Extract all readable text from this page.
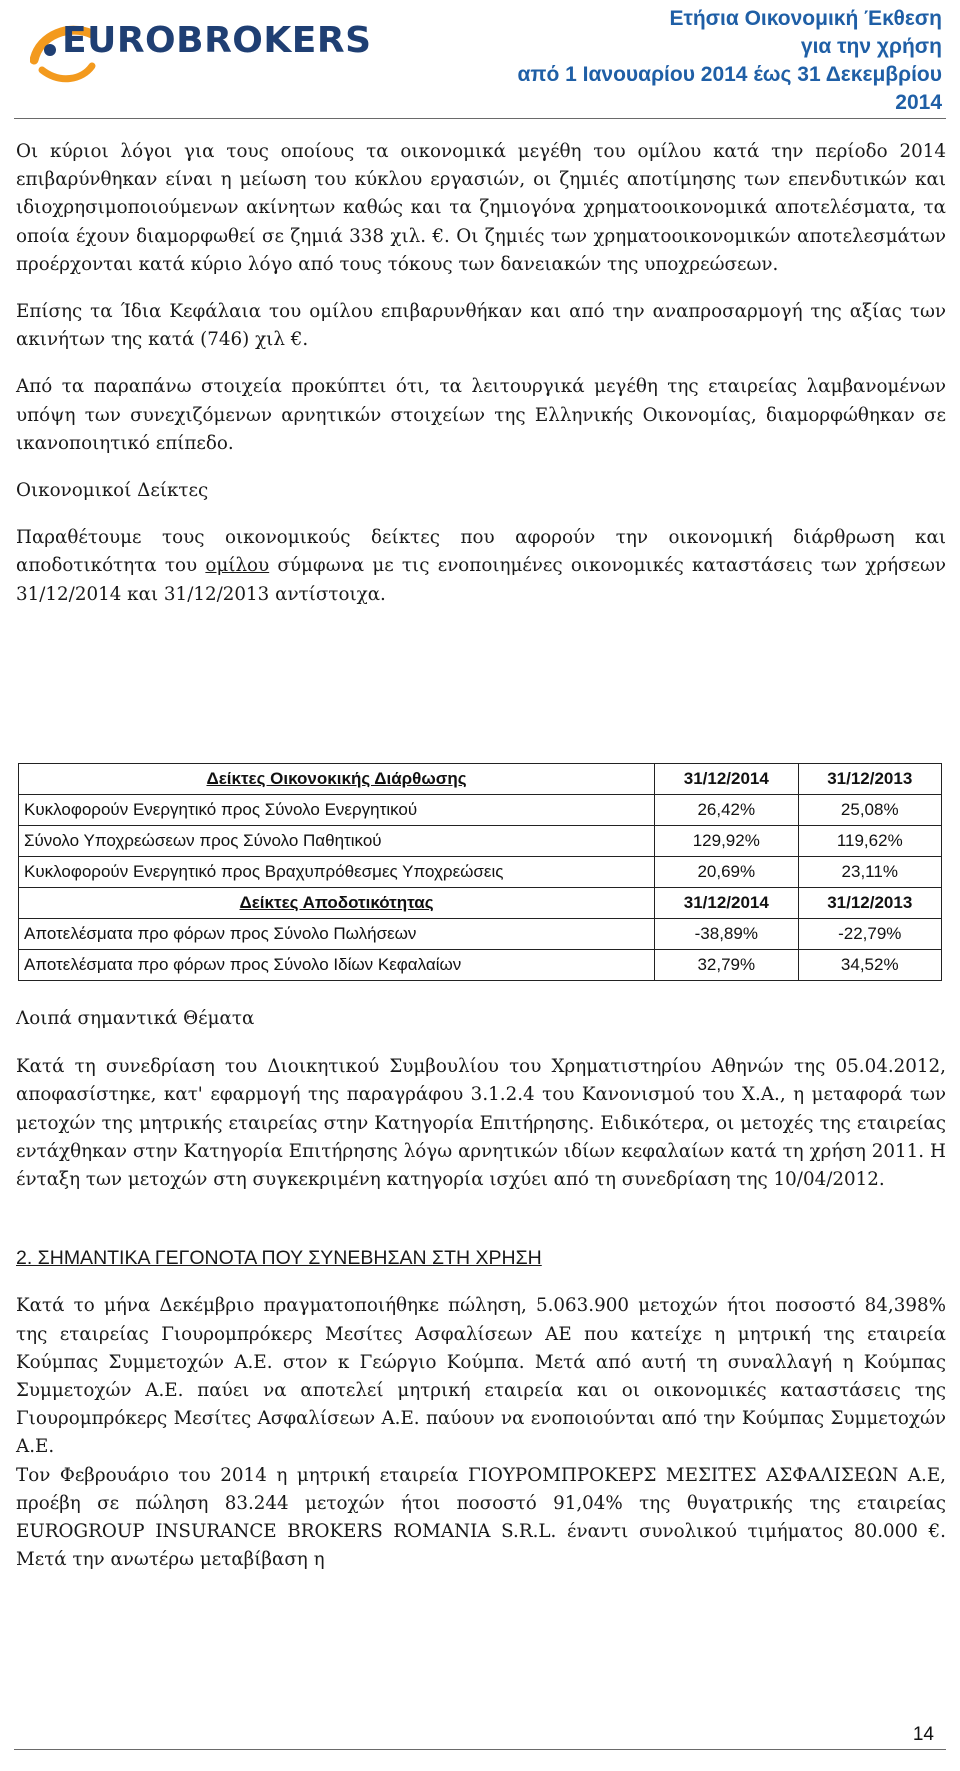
EUROBROKERS
Ετήσια Οικονομική Έκθεση
για την χρήση
από 1 Ιανουαρίου 2014 έως 31 Δεκεμβρίου
2014

Οι κύριοι λόγοι για τους οποίους τα οικονομικά μεγέθη του ομίλου κατά την περίοδο 2014 επιβαρύνθηκαν είναι η μείωση του κύκλου εργασιών, οι ζημιές αποτίμησης των επενδυτικών και ιδιοχρησιμοποιούμενων ακίνητων καθώς και τα ζημιογόνα χρηματοοικονομικά αποτελέσματα, τα οποία έχουν διαμορφωθεί σε ζημιά 338 χιλ. €. Οι ζημιές των χρηματοοικονομικών αποτελεσμάτων προέρχονται κατά κύριο λόγο από τους τόκους των δανειακών της υποχρεώσεων.

Επίσης τα Ίδια Κεφάλαια του ομίλου επιβαρυνθήκαν και από την αναπροσαρμογή της αξίας των ακινήτων της κατά (746) χιλ €.

Από τα παραπάνω στοιχεία προκύπτει ότι, τα λειτουργικά μεγέθη της εταιρείας λαμβανομένων υπόψη των συνεχιζόμενων αρνητικών στοιχείων της Ελληνικής Οικονομίας, διαμορφώθηκαν σε ικανοποιητικό επίπεδο.

Οικονομικοί Δείκτες

Παραθέτουμε τους οικονομικούς δείκτες που αφορούν την οικονομική διάρθρωση και αποδοτικότητα του ομίλου σύμφωνα με τις ενοποιημένες οικονομικές καταστάσεις των χρήσεων 31/12/2014 και 31/12/2013 αντίστοιχα.

Δείκτες Οικονοκικής Διάρθωσης	31/12/2014	31/12/2013
Κυκλοφορούν Ενεργητικό προς Σύνολο Ενεργητικού	26,42%	25,08%
Σύνολο Υποχρεώσεων προς Σύνολο Παθητικού	129,92%	119,62%
Κυκλοφορούν Ενεργητικό προς Βραχυπρόθεσμες Υποχρεώσεις	20,69%	23,11%
Δείκτες Αποδοτικότητας	31/12/2014	31/12/2013
Αποτελέσματα προ φόρων προς Σύνολο Πωλήσεων	-38,89%	-22,79%
Αποτελέσματα προ φόρων προς Σύνολο Ιδίων Κεφαλαίων	32,79%	34,52%

Λοιπά σημαντικά Θέματα

Κατά τη συνεδρίαση του Διοικητικού Συμβουλίου του Χρηματιστηρίου Αθηνών της 05.04.2012, αποφασίστηκε, κατ' εφαρμογή της παραγράφου 3.1.2.4 του Κανονισμού του Χ.Α., η μεταφορά των μετοχών της μητρικής εταιρείας στην Κατηγορία Επιτήρησης. Ειδικότερα, οι μετοχές της εταιρείας εντάχθηκαν στην Κατηγορία Επιτήρησης λόγω αρνητικών ιδίων κεφαλαίων κατά τη χρήση 2011. Η ένταξη των μετοχών στη συγκεκριμένη κατηγορία ισχύει από τη συνεδρίαση της 10/04/2012.

2. ΣΗΜΑΝΤΙΚΑ ΓΕΓΟΝΟΤΑ ΠΟΥ ΣΥΝΕΒΗΣΑΝ ΣΤΗ ΧΡΗΣΗ

Κατά το μήνα Δεκέμβριο πραγματοποιήθηκε πώληση, 5.063.900 μετοχών ήτοι ποσοστό 84,398% της εταιρείας Γιουρομπρόκερς Μεσίτες Ασφαλίσεων ΑΕ που κατείχε η μητρική της εταιρεία Κούμπας Συμμετοχών Α.Ε. στον κ Γεώργιο Κούμπα. Μετά από αυτή τη συναλλαγή η Κούμπας Συμμετοχών Α.Ε. παύει να αποτελεί μητρική εταιρεία και οι οικονομικές καταστάσεις της Γιουρομπρόκερς Μεσίτες Ασφαλίσεων Α.Ε. παύουν να ενοποιούνται από την Κούμπας Συμμετοχών Α.Ε.

Τον Φεβρουάριο του 2014 η μητρική εταιρεία ΓΙΟΥΡΟΜΠΡΟΚΕΡΣ ΜΕΣΙΤΕΣ ΑΣΦΑΛΙΣΕΩΝ Α.Ε, προέβη σε πώληση 83.244 μετοχών ήτοι ποσοστό 91,04% της θυγατρικής της εταιρείας EUROGROUP INSURANCE BROKERS ROMANIA S.R.L. έναντι συνολικού τιμήματος 80.000 €. Μετά την ανωτέρω μεταβίβαση η

14
